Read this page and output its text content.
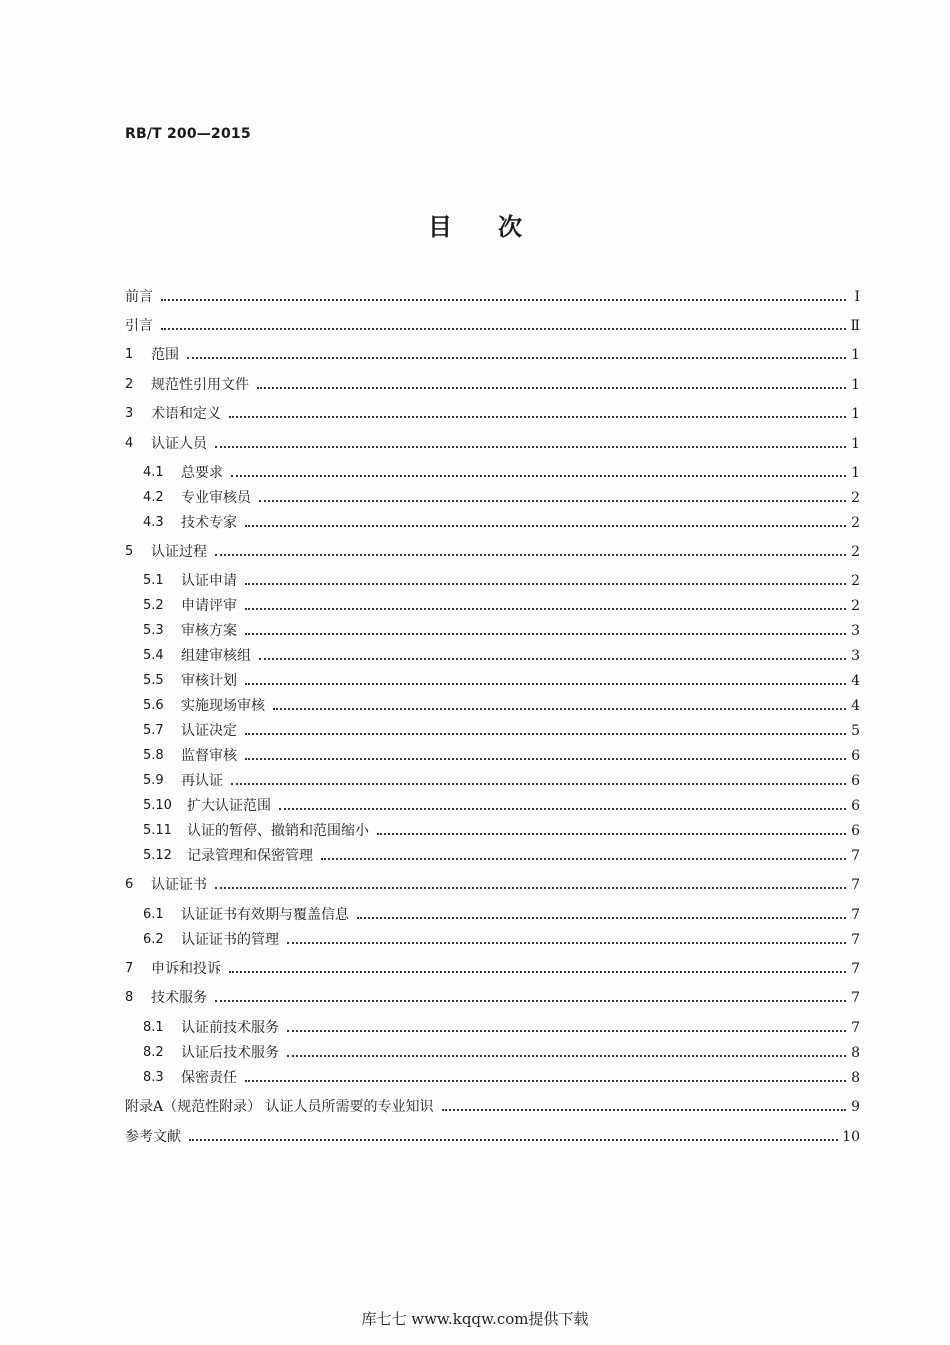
RB/T 200—2015
目 次
前言	Ⅰ
引言	Ⅱ
1	范围	1
2	规范性引用文件	1
3	术语和定义	1
4	认证人员	1
4.1	总要求	1
4.2	专业审核员	2
4.3	技术专家	2
5	认证过程	2
5.1	认证申请	2
5.2	申请评审	2
5.3	审核方案	3
5.4	组建审核组	3
5.5	审核计划	4
5.6	实施现场审核	4
5.7	认证决定	5
5.8	监督审核	6
5.9	再认证	6
5.10	扩大认证范围	6
5.11	认证的暂停、撤销和范围缩小	6
5.12	记录管理和保密管理	7
6	认证证书	7
6.1	认证证书有效期与覆盖信息	7
6.2	认证证书的管理	7
7	申诉和投诉	7
8	技术服务	7
8.1	认证前技术服务	7
8.2	认证后技术服务	8
8.3	保密责任	8
附录A（规范性附录） 认证人员所需要的专业知识	9
参考文献	10
库七七 www.kqqw.com提供下载
